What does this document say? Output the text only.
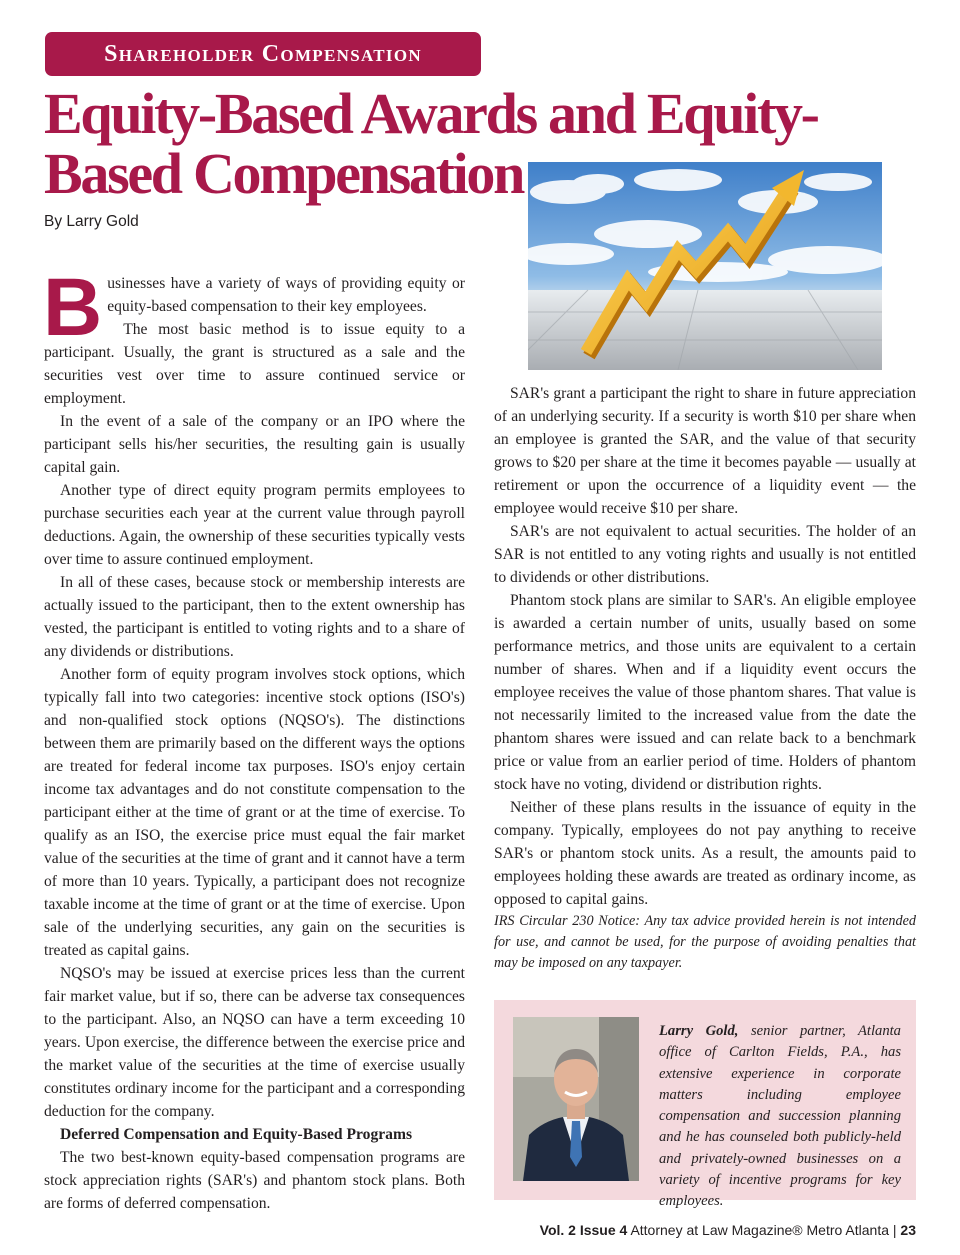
Shareholder Compensation
Equity-Based Awards and Equity-Based Compensation
By Larry Gold

Businesses have a variety of ways of providing equity or equity-based compensation to their key employees.

The most basic method is to issue equity to a participant. Usually, the grant is structured as a sale and the securities vest over time to assure continued service or employment.

In the event of a sale of the company or an IPO where the participant sells his/her securities, the resulting gain is usually capital gain.

Another type of direct equity program permits employees to purchase securities each year at the current value through payroll deductions. Again, the ownership of these securities typically vests over time to assure continued employment.

In all of these cases, because stock or membership interests are actually issued to the participant, then to the extent ownership has vested, the participant is entitled to voting rights and to a share of any dividends or distributions.

Another form of equity program involves stock options, which typically fall into two categories: incentive stock options (ISO's) and non-qualified stock options (NQSO's). The distinctions between them are primarily based on the different ways the options are treated for federal income tax purposes. ISO's enjoy certain income tax advantages and do not constitute compensation to the participant either at the time of grant or at the time of exercise. To qualify as an ISO, the exercise price must equal the fair market value of the securities at the time of grant and it cannot have a term of more than 10 years. Typically, a participant does not recognize taxable income at the time of grant or at the time of exercise. Upon sale of the underlying securities, any gain on the securities is treated as capital gains.

NQSO's may be issued at exercise prices less than the current fair market value, but if so, there can be adverse tax consequences to the participant. Also, an NQSO can have a term exceeding 10 years. Upon exercise, the difference between the exercise price and the market value of the securities at the time of exercise usually constitutes ordinary income for the participant and a corresponding deduction for the company.

Deferred Compensation and Equity-Based Programs

The two best-known equity-based compensation programs are stock appreciation rights (SAR's) and phantom stock plans. Both are forms of deferred compensation.

SAR's grant a participant the right to share in future appreciation of an underlying security. If a security is worth $10 per share when an employee is granted the SAR, and the value of that security grows to $20 per share at the time it becomes payable — usually at retirement or upon the occurrence of a liquidity event — the employee would receive $10 per share.

SAR's are not equivalent to actual securities. The holder of an SAR is not entitled to any voting rights and usually is not entitled to dividends or other distributions.

Phantom stock plans are similar to SAR's. An eligible employee is awarded a certain number of units, usually based on some performance metrics, and those units are equivalent to a certain number of shares. When and if a liquidity event occurs the employee receives the value of those phantom shares. That value is not necessarily limited to the increased value from the date the phantom shares were issued and can relate back to a benchmark price or value from an earlier period of time. Holders of phantom stock have no voting, dividend or distribution rights.

Neither of these plans results in the issuance of equity in the company. Typically, employees do not pay anything to receive SAR's or phantom stock units. As a result, the amounts paid to employees holding these awards are treated as ordinary income, as opposed to capital gains.

IRS Circular 230 Notice: Any tax advice provided herein is not intended for use, and cannot be used, for the purpose of avoiding penalties that may be imposed on any taxpayer.

Larry Gold, senior partner, Atlanta office of Carlton Fields, P.A., has extensive experience in corporate matters including employee compensation and succession planning and he has counseled both publicly-held and privately-owned businesses on a variety of incentive programs for key employees.
Vol. 2 Issue 4 Attorney at Law Magazine® Metro Atlanta | 23
